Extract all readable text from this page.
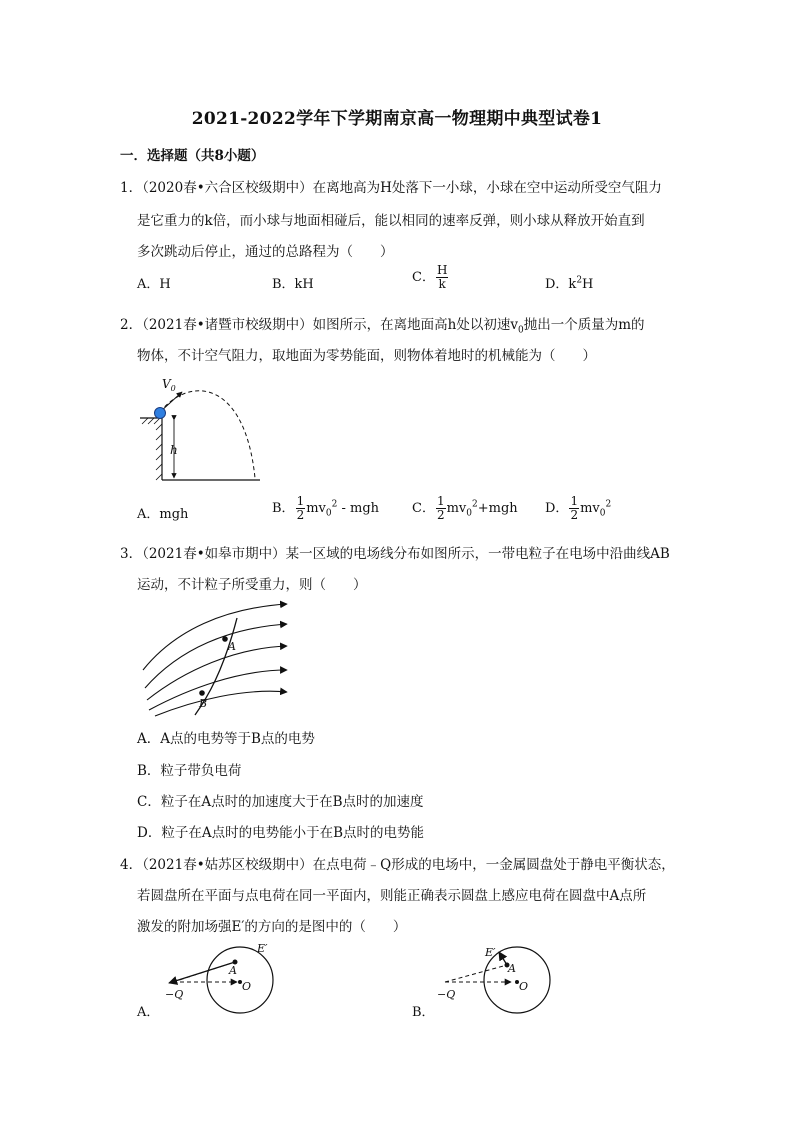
2021-2022学年下学期南京高一物理期中典型试卷1
一．选择题（共8小题）
1．（2020春•六合区校级期中）在离地高为H处落下一小球，小球在空中运动所受空气阻力
是它重力的k倍，而小球与地面相碰后，能以相同的速率反弹，则小球从释放开始直到
多次跳动后停止，通过的总路程为（　　）
A．H	B．kH	C． $\frac{H}{k}$	D．$k^2H$
2．（2021春•诸暨市校级期中）如图所示，在离地面高h处以初速$v_0$抛出一个质量为m的
物体，不计空气阻力，取地面为零势能面，则物体着地时的机械能为（　　）
h
$V_0$
A．mgh	B． $\frac{1}{2} mv_0^2$ - mgh	C． $\frac{1}{2} mv_0^2+mgh$ D． $\frac{1}{2} mv_0^2$
3．（2021春•如皋市期中）某一区域的电场线分布如图所示，一带电粒子在电场中沿曲线AB
运动，不计粒子所受重力，则（　　）
A
B
A．A点的电势等于B点的电势
B．粒子带负电荷
C．粒子在A点时的加速度大于在B点时的加速度
D．粒子在A点时的电势能小于在B点时的电势能
4．（2021春•姑苏区校级期中）在点电荷﹣Q形成的电场中，一金属圆盘处于静电平衡状态，
若圆盘所在平面与点电荷在同一平面内，则能正确表示圆盘上感应电荷在圆盘中A点所
激发的附加场强E′的方向的是图中的（　　）
E′
A
O
−Q
A．
E′
A
O
−Q
B．
